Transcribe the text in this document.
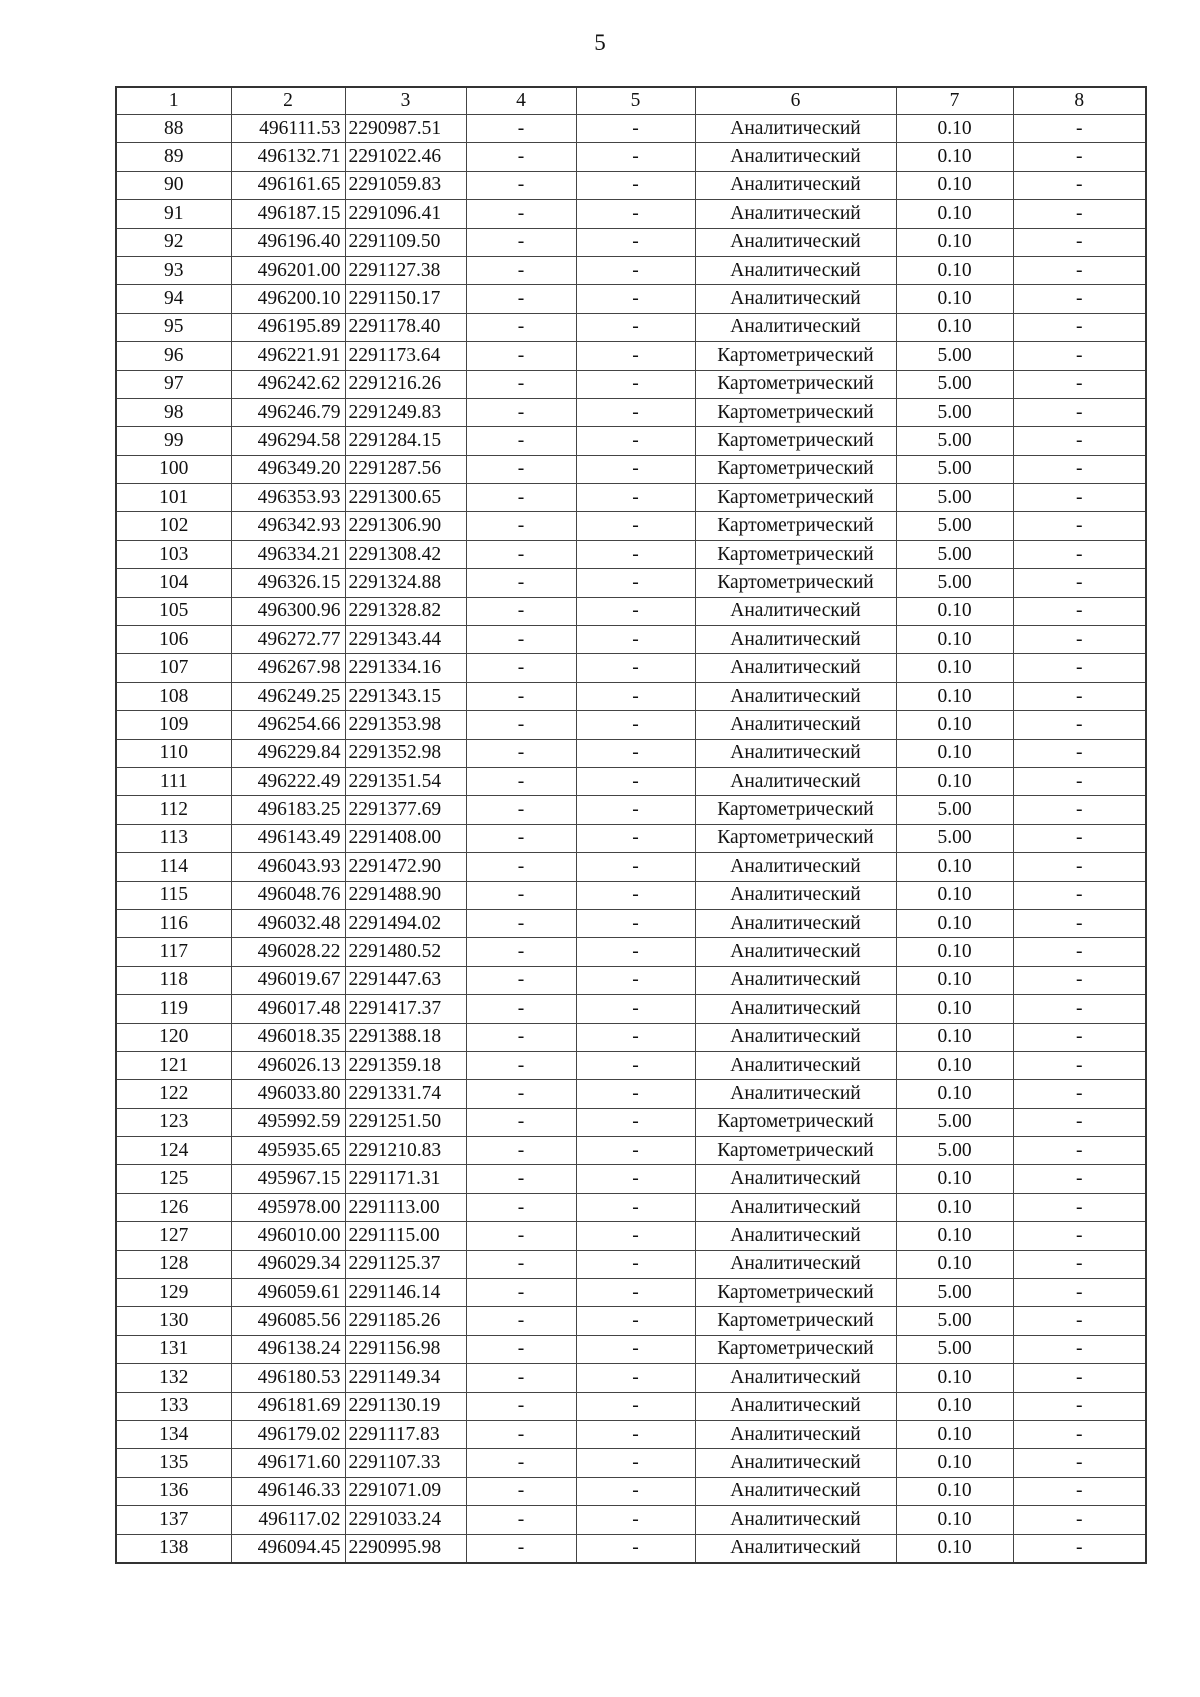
5
1	2	3	4	5	6	7	8
88	496111.53	2290987.51	-	-	Аналитический	0.10	-
89	496132.71	2291022.46	-	-	Аналитический	0.10	-
90	496161.65	2291059.83	-	-	Аналитический	0.10	-
91	496187.15	2291096.41	-	-	Аналитический	0.10	-
92	496196.40	2291109.50	-	-	Аналитический	0.10	-
93	496201.00	2291127.38	-	-	Аналитический	0.10	-
94	496200.10	2291150.17	-	-	Аналитический	0.10	-
95	496195.89	2291178.40	-	-	Аналитический	0.10	-
96	496221.91	2291173.64	-	-	Картометрический	5.00	-
97	496242.62	2291216.26	-	-	Картометрический	5.00	-
98	496246.79	2291249.83	-	-	Картометрический	5.00	-
99	496294.58	2291284.15	-	-	Картометрический	5.00	-
100	496349.20	2291287.56	-	-	Картометрический	5.00	-
101	496353.93	2291300.65	-	-	Картометрический	5.00	-
102	496342.93	2291306.90	-	-	Картометрический	5.00	-
103	496334.21	2291308.42	-	-	Картометрический	5.00	-
104	496326.15	2291324.88	-	-	Картометрический	5.00	-
105	496300.96	2291328.82	-	-	Аналитический	0.10	-
106	496272.77	2291343.44	-	-	Аналитический	0.10	-
107	496267.98	2291334.16	-	-	Аналитический	0.10	-
108	496249.25	2291343.15	-	-	Аналитический	0.10	-
109	496254.66	2291353.98	-	-	Аналитический	0.10	-
110	496229.84	2291352.98	-	-	Аналитический	0.10	-
111	496222.49	2291351.54	-	-	Аналитический	0.10	-
112	496183.25	2291377.69	-	-	Картометрический	5.00	-
113	496143.49	2291408.00	-	-	Картометрический	5.00	-
114	496043.93	2291472.90	-	-	Аналитический	0.10	-
115	496048.76	2291488.90	-	-	Аналитический	0.10	-
116	496032.48	2291494.02	-	-	Аналитический	0.10	-
117	496028.22	2291480.52	-	-	Аналитический	0.10	-
118	496019.67	2291447.63	-	-	Аналитический	0.10	-
119	496017.48	2291417.37	-	-	Аналитический	0.10	-
120	496018.35	2291388.18	-	-	Аналитический	0.10	-
121	496026.13	2291359.18	-	-	Аналитический	0.10	-
122	496033.80	2291331.74	-	-	Аналитический	0.10	-
123	495992.59	2291251.50	-	-	Картометрический	5.00	-
124	495935.65	2291210.83	-	-	Картометрический	5.00	-
125	495967.15	2291171.31	-	-	Аналитический	0.10	-
126	495978.00	2291113.00	-	-	Аналитический	0.10	-
127	496010.00	2291115.00	-	-	Аналитический	0.10	-
128	496029.34	2291125.37	-	-	Аналитический	0.10	-
129	496059.61	2291146.14	-	-	Картометрический	5.00	-
130	496085.56	2291185.26	-	-	Картометрический	5.00	-
131	496138.24	2291156.98	-	-	Картометрический	5.00	-
132	496180.53	2291149.34	-	-	Аналитический	0.10	-
133	496181.69	2291130.19	-	-	Аналитический	0.10	-
134	496179.02	2291117.83	-	-	Аналитический	0.10	-
135	496171.60	2291107.33	-	-	Аналитический	0.10	-
136	496146.33	2291071.09	-	-	Аналитический	0.10	-
137	496117.02	2291033.24	-	-	Аналитический	0.10	-
138	496094.45	2290995.98	-	-	Аналитический	0.10	-
